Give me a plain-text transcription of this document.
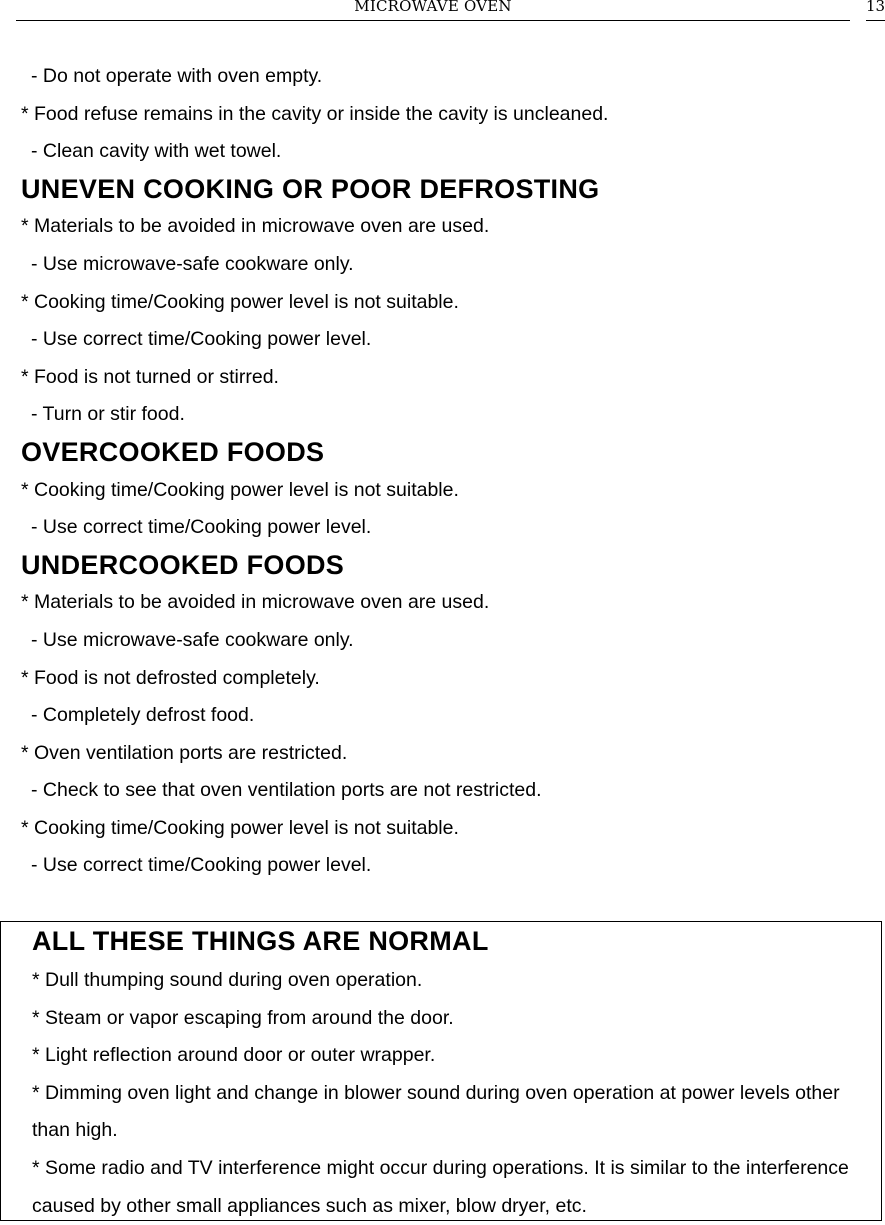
MICROWAVE OVEN	13
- Do not operate with oven empty.
* Food refuse remains in the cavity or inside the cavity is uncleaned.
- Clean cavity with wet towel.
UNEVEN COOKING OR POOR DEFROSTING
* Materials to be avoided in microwave oven are used.
- Use microwave-safe cookware only.
* Cooking time/Cooking power level is not suitable.
- Use correct time/Cooking power level.
* Food is not turned or stirred.
- Turn or stir food.
OVERCOOKED FOODS
* Cooking time/Cooking power level is not suitable.
- Use correct time/Cooking power level.
UNDERCOOKED FOODS
* Materials to be avoided in microwave oven are used.
- Use microwave-safe cookware only.
* Food is not defrosted completely.
- Completely defrost food.
* Oven ventilation ports are restricted.
- Check to see that oven ventilation ports are not restricted.
* Cooking time/Cooking power level is not suitable.
- Use correct time/Cooking power level.
ALL THESE THINGS ARE NORMAL
* Dull thumping sound during oven operation.
* Steam or vapor escaping from around the door.
* Light reflection around door or outer wrapper.
* Dimming oven light and change in blower sound during oven operation at power levels other than high.
* Some radio and TV interference might occur during operations. It is similar to the interference caused by other small appliances such as mixer, blow dryer, etc.
